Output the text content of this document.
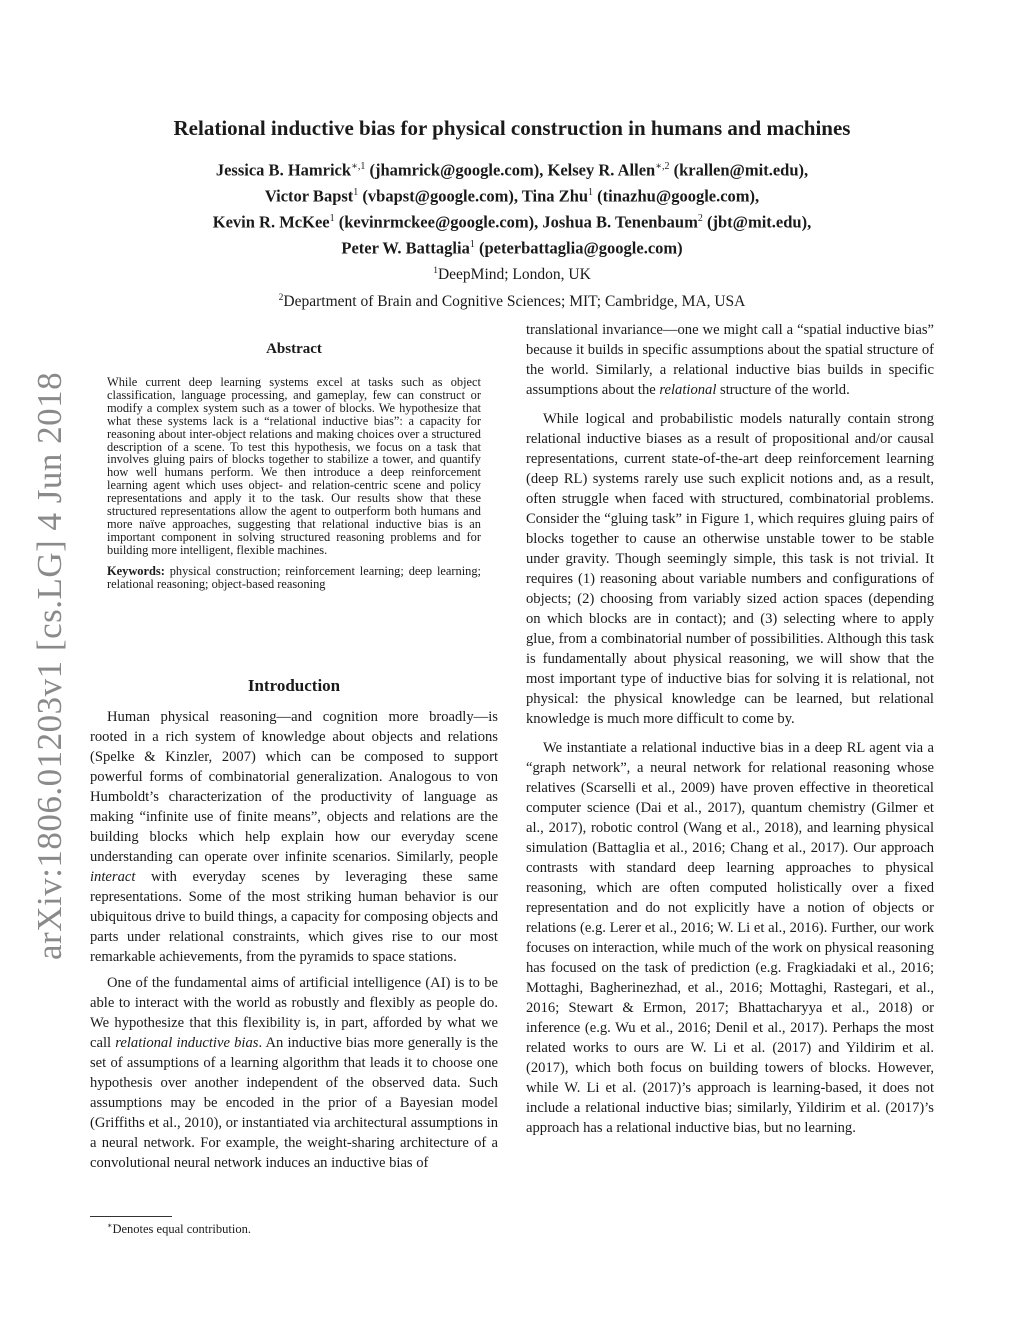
arXiv:1806.01203v1 [cs.LG] 4 Jun 2018
Relational inductive bias for physical construction in humans and machines
Jessica B. Hamrick$^{∗,1}$ (jhamrick@google.com), Kelsey R. Allen$^{∗,2}$ (krallen@mit.edu),
Victor Bapst$^1$ (vbapst@google.com), Tina Zhu$^1$ (tinazhu@google.com),
Kevin R. McKee$^1$ (kevinrmckee@google.com), Joshua B. Tenenbaum$^2$ (jbt@mit.edu),
Peter W. Battaglia$^1$ (peterbattaglia@google.com)
$^1$DeepMind; London, UK
$^2$Department of Brain and Cognitive Sciences; MIT; Cambridge, MA, USA
Abstract

While current deep learning systems excel at tasks such as object classification, language processing, and gameplay, few can construct or modify a complex system such as a tower of blocks. We hypothesize that what these systems lack is a “relational inductive bias”: a capacity for reasoning about inter-object relations and making choices over a structured description of a scene. To test this hypothesis, we focus on a task that involves gluing pairs of blocks together to stabilize a tower, and quantify how well humans perform. We then introduce a deep reinforcement learning agent which uses object- and relation-centric scene and policy representations and apply it to the task. Our results show that these structured representations allow the agent to outperform both humans and more naïve approaches, suggesting that relational inductive bias is an important component in solving structured reasoning problems and for building more intelligent, flexible machines.

Keywords: physical construction; reinforcement learning; deep learning; relational reasoning; object-based reasoning

Introduction

Human physical reasoning—and cognition more broadly—is rooted in a rich system of knowledge about objects and relations (Spelke & Kinzler, 2007) which can be composed to support powerful forms of combinatorial generalization. Analogous to von Humboldt’s characterization of the productivity of language as making “infinite use of finite means”, objects and relations are the building blocks which help explain how our everyday scene understanding can operate over infinite scenarios. Similarly, people interact with everyday scenes by leveraging these same representations. Some of the most striking human behavior is our ubiquitous drive to build things, a capacity for composing objects and parts under relational constraints, which gives rise to our most remarkable achievements, from the pyramids to space stations.

One of the fundamental aims of artificial intelligence (AI) is to be able to interact with the world as robustly and flexibly as people do. We hypothesize that this flexibility is, in part, afforded by what we call relational inductive bias. An inductive bias more generally is the set of assumptions of a learning algorithm that leads it to choose one hypothesis over another independent of the observed data. Such assumptions may be encoded in the prior of a Bayesian model (Griffiths et al., 2010), or instantiated via architectural assumptions in a neural network. For example, the weight-sharing architecture of a convolutional neural network induces an inductive bias of

∗Denotes equal contribution.

translational invariance—one we might call a “spatial inductive bias” because it builds in specific assumptions about the spatial structure of the world. Similarly, a relational inductive bias builds in specific assumptions about the relational structure of the world.

While logical and probabilistic models naturally contain strong relational inductive biases as a result of propositional and/or causal representations, current state-of-the-art deep reinforcement learning (deep RL) systems rarely use such explicit notions and, as a result, often struggle when faced with structured, combinatorial problems. Consider the “gluing task” in Figure 1, which requires gluing pairs of blocks together to cause an otherwise unstable tower to be stable under gravity. Though seemingly simple, this task is not trivial. It requires (1) reasoning about variable numbers and configurations of objects; (2) choosing from variably sized action spaces (depending on which blocks are in contact); and (3) selecting where to apply glue, from a combinatorial number of possibilities. Although this task is fundamentally about physical reasoning, we will show that the most important type of inductive bias for solving it is relational, not physical: the physical knowledge can be learned, but relational knowledge is much more difficult to come by.

We instantiate a relational inductive bias in a deep RL agent via a “graph network”, a neural network for relational reasoning whose relatives (Scarselli et al., 2009) have proven effective in theoretical computer science (Dai et al., 2017), quantum chemistry (Gilmer et al., 2017), robotic control (Wang et al., 2018), and learning physical simulation (Battaglia et al., 2016; Chang et al., 2017). Our approach contrasts with standard deep learning approaches to physical reasoning, which are often computed holistically over a fixed representation and do not explicitly have a notion of objects or relations (e.g. Lerer et al., 2016; W. Li et al., 2016). Further, our work focuses on interaction, while much of the work on physical reasoning has focused on the task of prediction (e.g. Fragkiadaki et al., 2016; Mottaghi, Bagherinezhad, et al., 2016; Mottaghi, Rastegari, et al., 2016; Stewart & Ermon, 2017; Bhattacharyya et al., 2018) or inference (e.g. Wu et al., 2016; Denil et al., 2017). Perhaps the most related works to ours are W. Li et al. (2017) and Yildirim et al. (2017), which both focus on building towers of blocks. However, while W. Li et al. (2017)’s approach is learning-based, it does not include a relational inductive bias; similarly, Yildirim et al. (2017)’s approach has a relational inductive bias, but no learning.
